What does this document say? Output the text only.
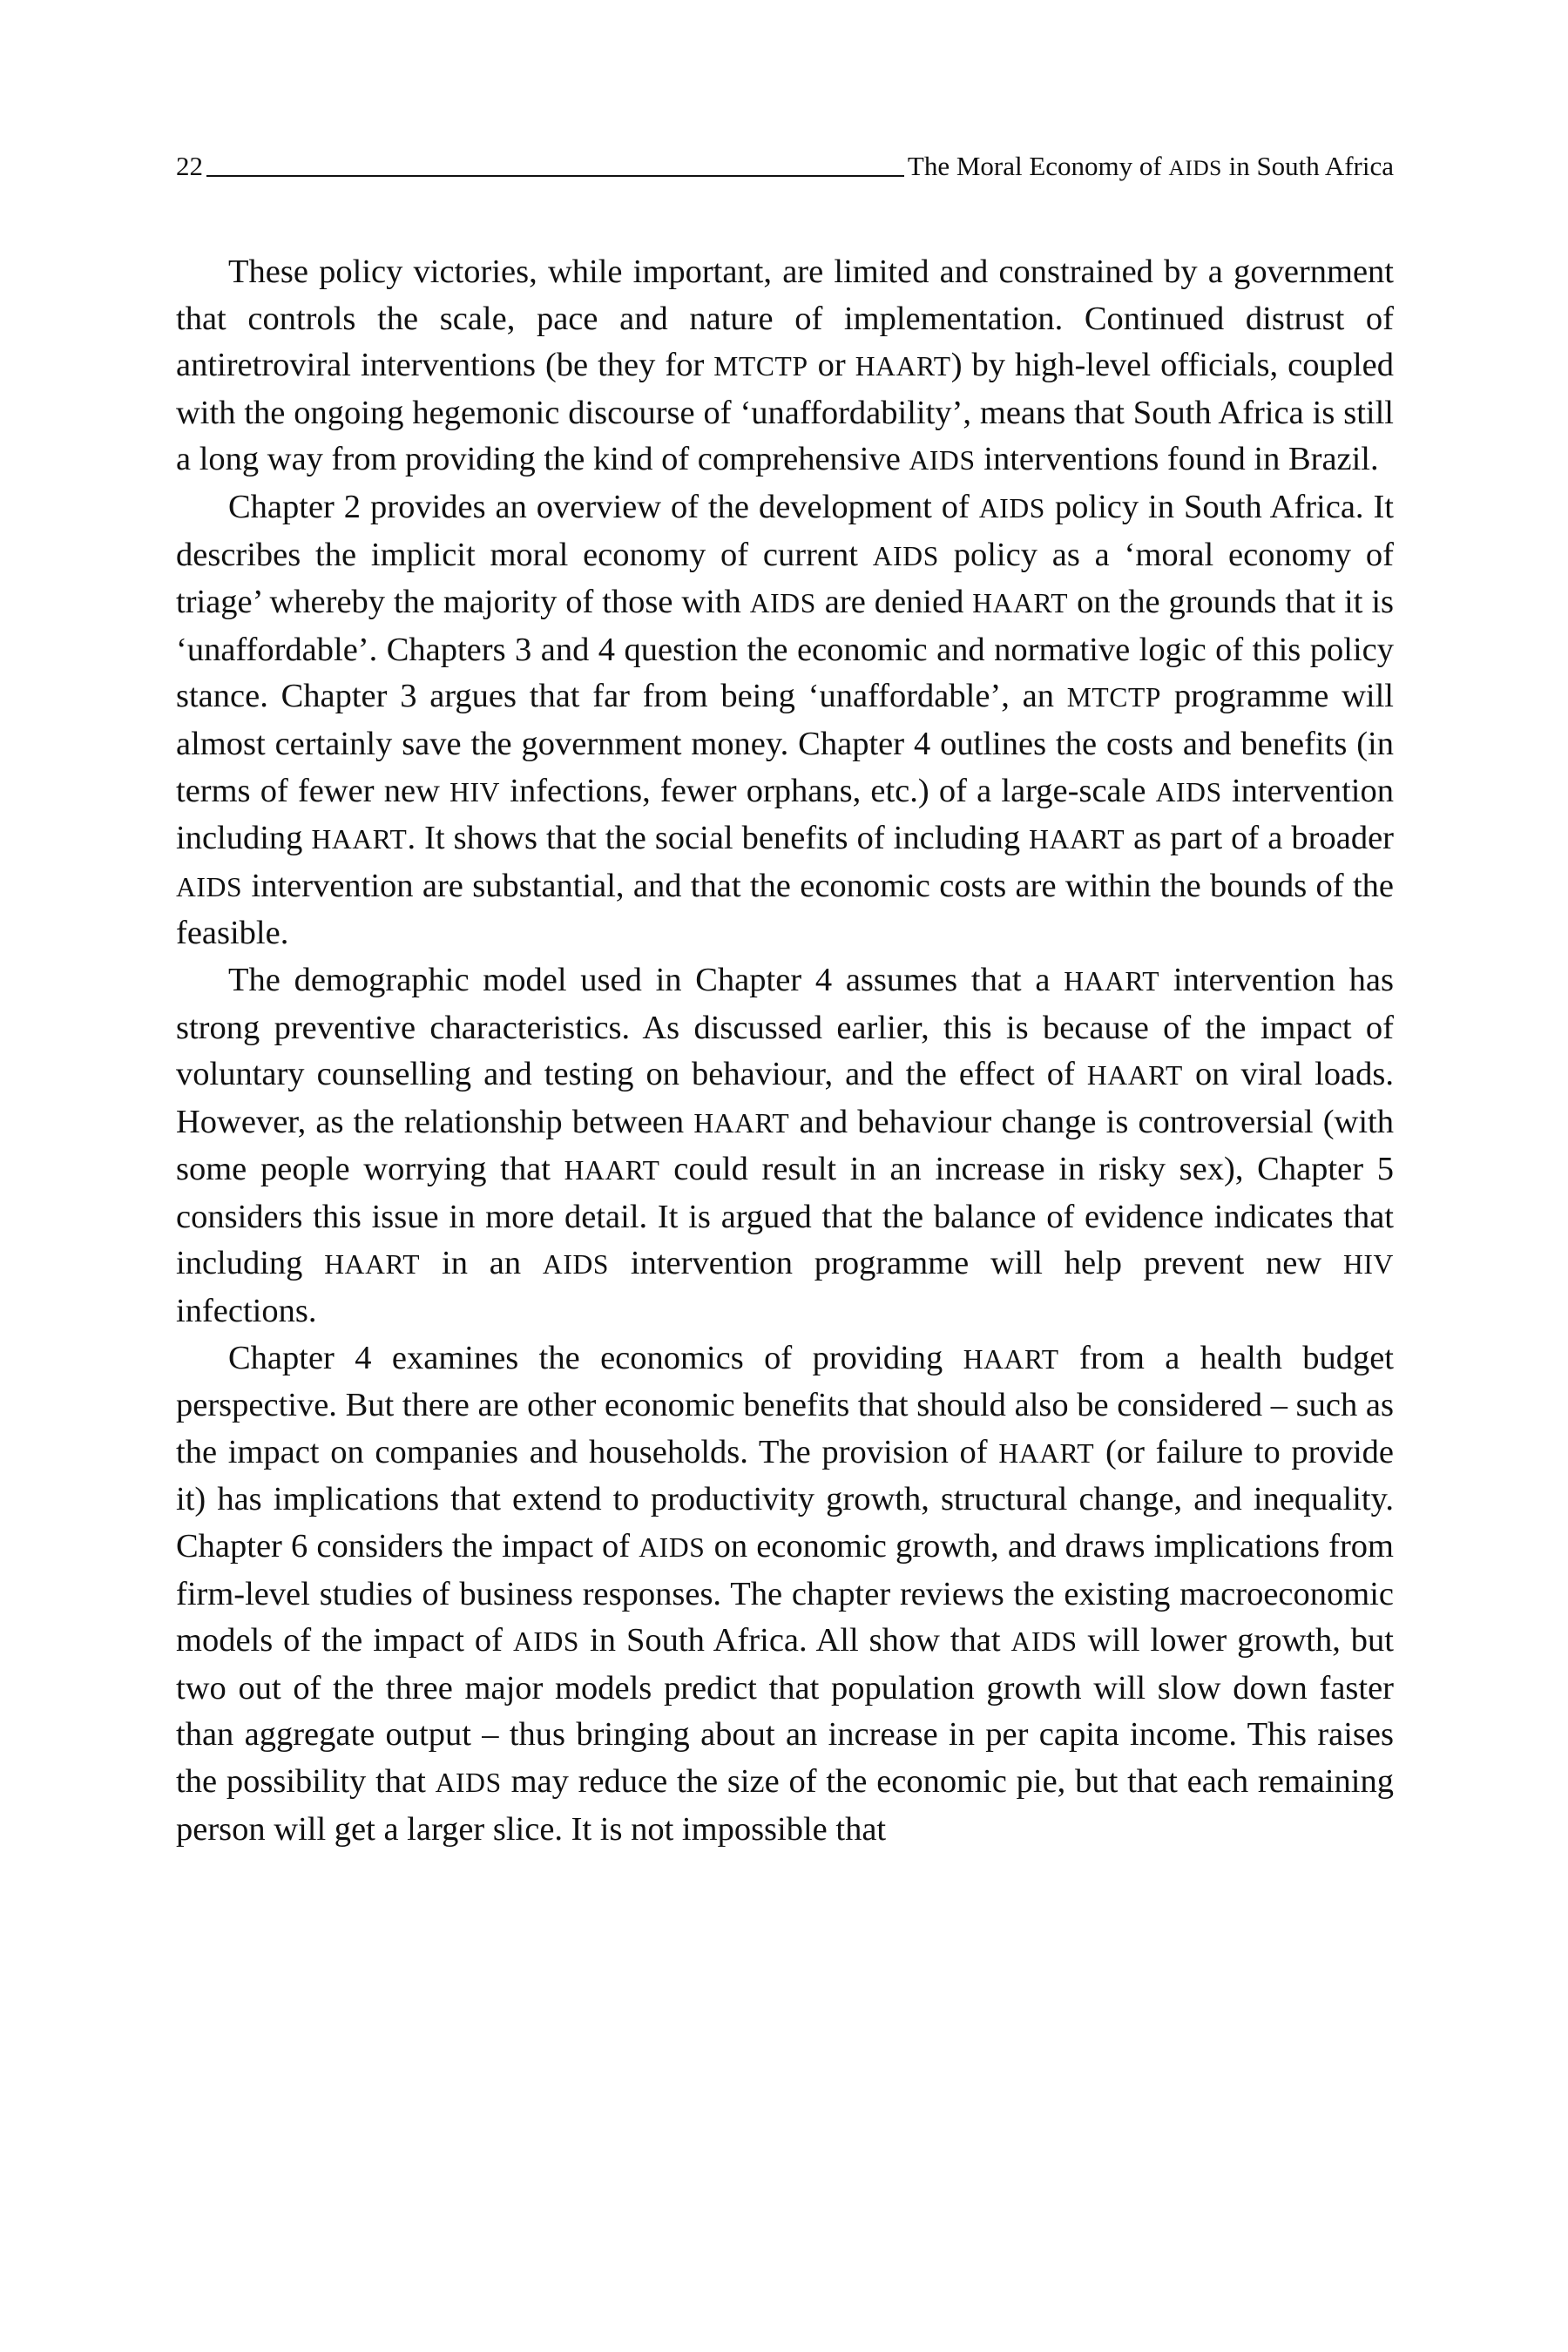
22	The Moral Economy of AIDS in South Africa

These policy victories, while important, are limited and constrained by a government that controls the scale, pace and nature of implementation. Continued distrust of antiretroviral interventions (be they for MTCTP or HAART) by high-level officials, coupled with the ongoing hegemonic discourse of ‘unaffordability’, means that South Africa is still a long way from providing the kind of comprehensive AIDS interventions found in Brazil.

Chapter 2 provides an overview of the development of AIDS policy in South Africa. It describes the implicit moral economy of current AIDS policy as a ‘moral economy of triage’ whereby the majority of those with AIDS are denied HAART on the grounds that it is ‘unaffordable’. Chapters 3 and 4 question the economic and normative logic of this policy stance. Chapter 3 argues that far from being ‘unaffordable’, an MTCTP programme will almost certainly save the government money. Chapter 4 outlines the costs and benefits (in terms of fewer new HIV infections, fewer orphans, etc.) of a large-scale AIDS intervention including HAART. It shows that the social benefits of including HAART as part of a broader AIDS intervention are substantial, and that the economic costs are within the bounds of the feasible.

The demographic model used in Chapter 4 assumes that a HAART intervention has strong preventive characteristics. As discussed earlier, this is because of the impact of voluntary counselling and testing on behaviour, and the effect of HAART on viral loads. However, as the relationship between HAART and behaviour change is controversial (with some people worrying that HAART could result in an increase in risky sex), Chapter 5 considers this issue in more detail. It is argued that the balance of evidence indicates that including HAART in an AIDS intervention programme will help prevent new HIV infections.

Chapter 4 examines the economics of providing HAART from a health budget perspective. But there are other economic benefits that should also be considered – such as the impact on companies and households. The provision of HAART (or failure to provide it) has implications that extend to productivity growth, structural change, and inequality. Chapter 6 considers the impact of AIDS on economic growth, and draws implications from firm-level studies of business responses. The chapter reviews the existing macroeconomic models of the impact of AIDS in South Africa. All show that AIDS will lower growth, but two out of the three major models predict that population growth will slow down faster than aggregate output – thus bringing about an increase in per capita income. This raises the possibility that AIDS may reduce the size of the economic pie, but that each remaining person will get a larger slice. It is not impossible that
